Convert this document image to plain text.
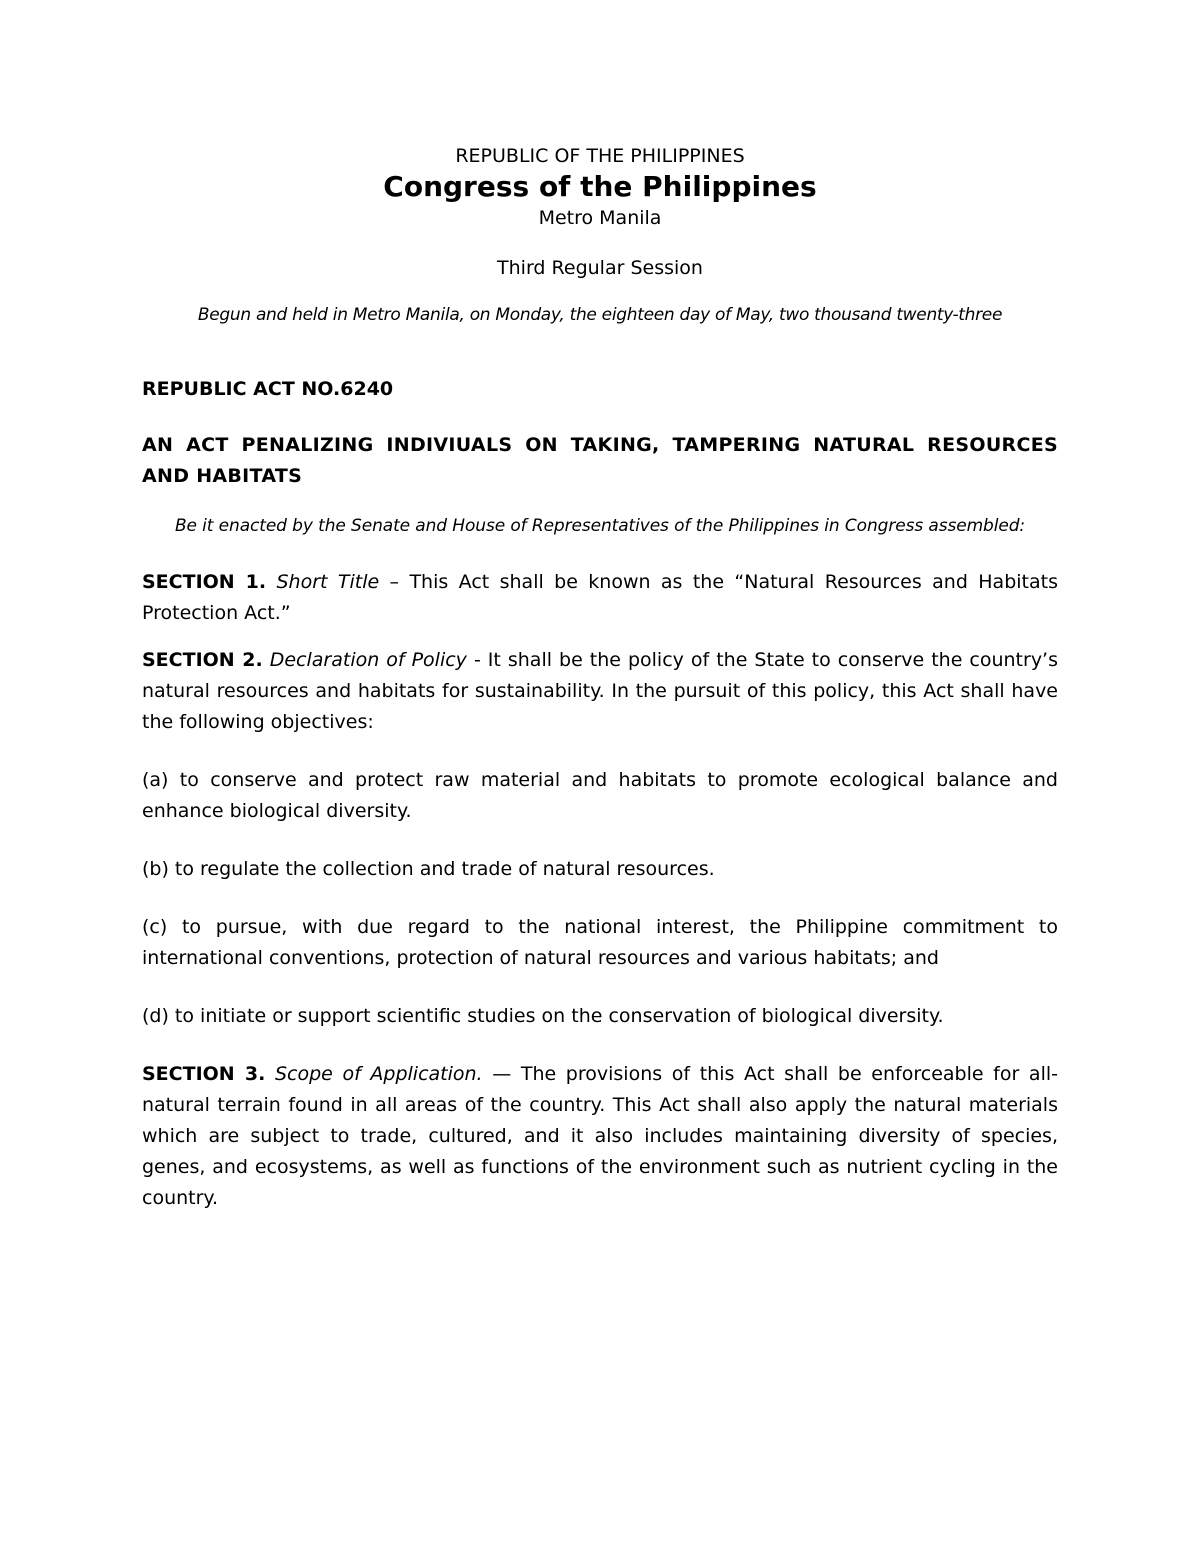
REPUBLIC OF THE PHILIPPINES

Congress of the Philippines

Metro Manila

Third Regular Session

Begun and held in Metro Manila, on Monday, the eighteen day of May, two thousand twenty-three

REPUBLIC ACT NO.6240

AN ACT PENALIZING INDIVIUALS ON TAKING, TAMPERING NATURAL RESOURCES AND HABITATS

Be it enacted by the Senate and House of Representatives of the Philippines in Congress assembled:

SECTION 1. Short Title – This Act shall be known as the “Natural Resources and Habitats Protection Act.”

SECTION 2. Declaration of Policy - It shall be the policy of the State to conserve the country’s natural resources and habitats for sustainability. In the pursuit of this policy, this Act shall have the following objectives:

(a) to conserve and protect raw material and habitats to promote ecological balance and enhance biological diversity.

(b) to regulate the collection and trade of natural resources.

(c) to pursue, with due regard to the national interest, the Philippine commitment to international conventions, protection of natural resources and various habitats; and

(d) to initiate or support scientific studies on the conservation of biological diversity.

SECTION 3. Scope of Application. — The provisions of this Act shall be enforceable for all-natural terrain found in all areas of the country. This Act shall also apply the natural materials which are subject to trade, cultured, and it also includes maintaining diversity of species, genes, and ecosystems, as well as functions of the environment such as nutrient cycling in the country.
